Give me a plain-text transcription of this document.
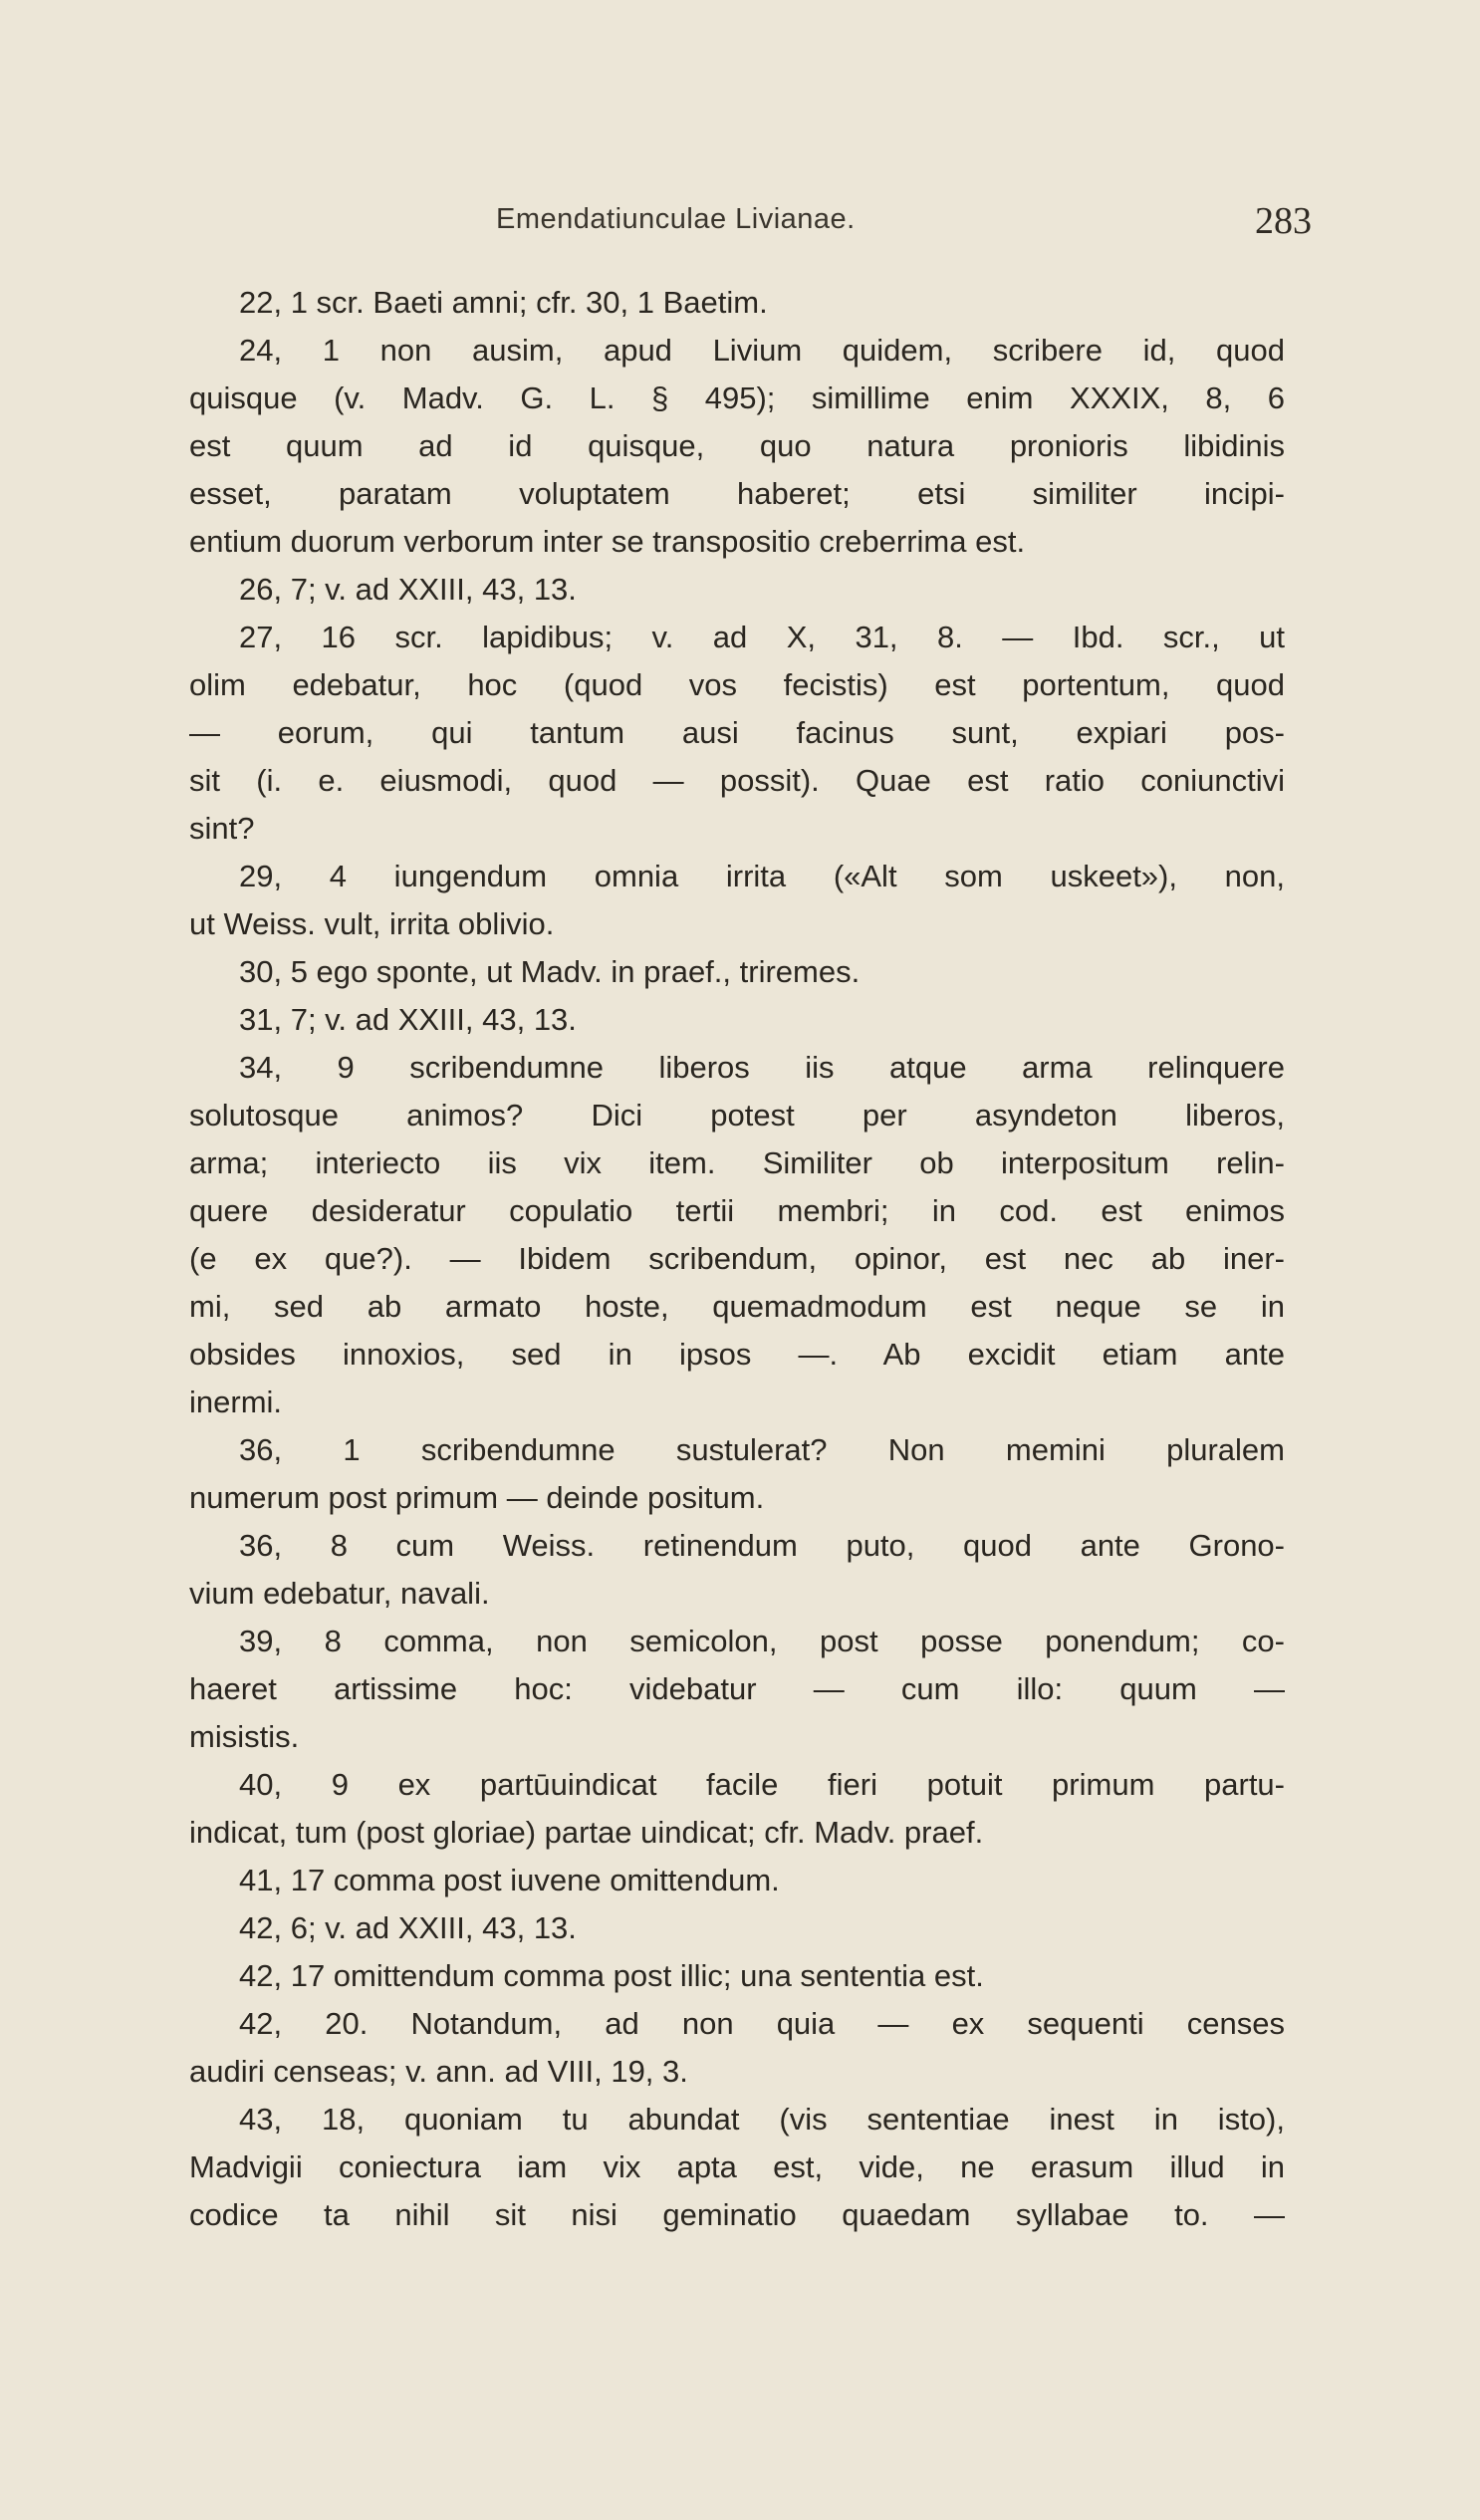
Emendatiunculae Livianae.	283
22, 1 scr. Baeti amni; cfr. 30, 1 Baetim.
24, 1 non ausim, apud Livium quidem, scribere id, quod
quisque (v. Madv. G. L. § 495); simillime enim XXXIX, 8, 6
est quum ad id quisque, quo natura pronioris libidinis
esset, paratam voluptatem haberet; etsi similiter incipi-
entium duorum verborum inter se transpositio creberrima est.
26, 7; v. ad XXIII, 43, 13.
27, 16 scr. lapidibus; v. ad X, 31, 8. — Ibd. scr., ut
olim edebatur, hoc (quod vos fecistis) est portentum, quod
— eorum, qui tantum ausi facinus sunt, expiari pos-
sit (i. e. eiusmodi, quod — possit). Quae est ratio coniunctivi
sint?
29, 4 iungendum omnia irrita («Alt som uskeet»), non,
ut Weiss. vult, irrita oblivio.
30, 5 ego sponte, ut Madv. in praef., triremes.
31, 7; v. ad XXIII, 43, 13.
34, 9 scribendumne liberos iis atque arma relinquere
solutosque animos? Dici potest per asyndeton liberos,
arma; interiecto iis vix item. Similiter ob interpositum relin-
quere desideratur copulatio tertii membri; in cod. est enimos
(e ex que?). — Ibidem scribendum, opinor, est nec ab iner-
mi, sed ab armato hoste, quemadmodum est neque se in
obsides innoxios, sed in ipsos —. Ab excidit etiam ante
inermi.
36, 1 scribendumne sustulerat? Non memini pluralem
numerum post primum — deinde positum.
36, 8 cum Weiss. retinendum puto, quod ante Grono-
vium edebatur, navali.
39, 8 comma, non semicolon, post posse ponendum; co-
haeret artissime hoc: videbatur — cum illo: quum —
misistis.
40, 9 ex partūuindicat facile fieri potuit primum partu-
indicat, tum (post gloriae) partae uindicat; cfr. Madv. praef.
41, 17 comma post iuvene omittendum.
42, 6; v. ad XXIII, 43, 13.
42, 17 omittendum comma post illic; una sententia est.
42, 20. Notandum, ad non quia — ex sequenti censes
audiri censeas; v. ann. ad VIII, 19, 3.
43, 18, quoniam tu abundat (vis sententiae inest in isto),
Madvigii coniectura iam vix apta est, vide, ne erasum illud in
codice ta nihil sit nisi geminatio quaedam syllabae to. —
